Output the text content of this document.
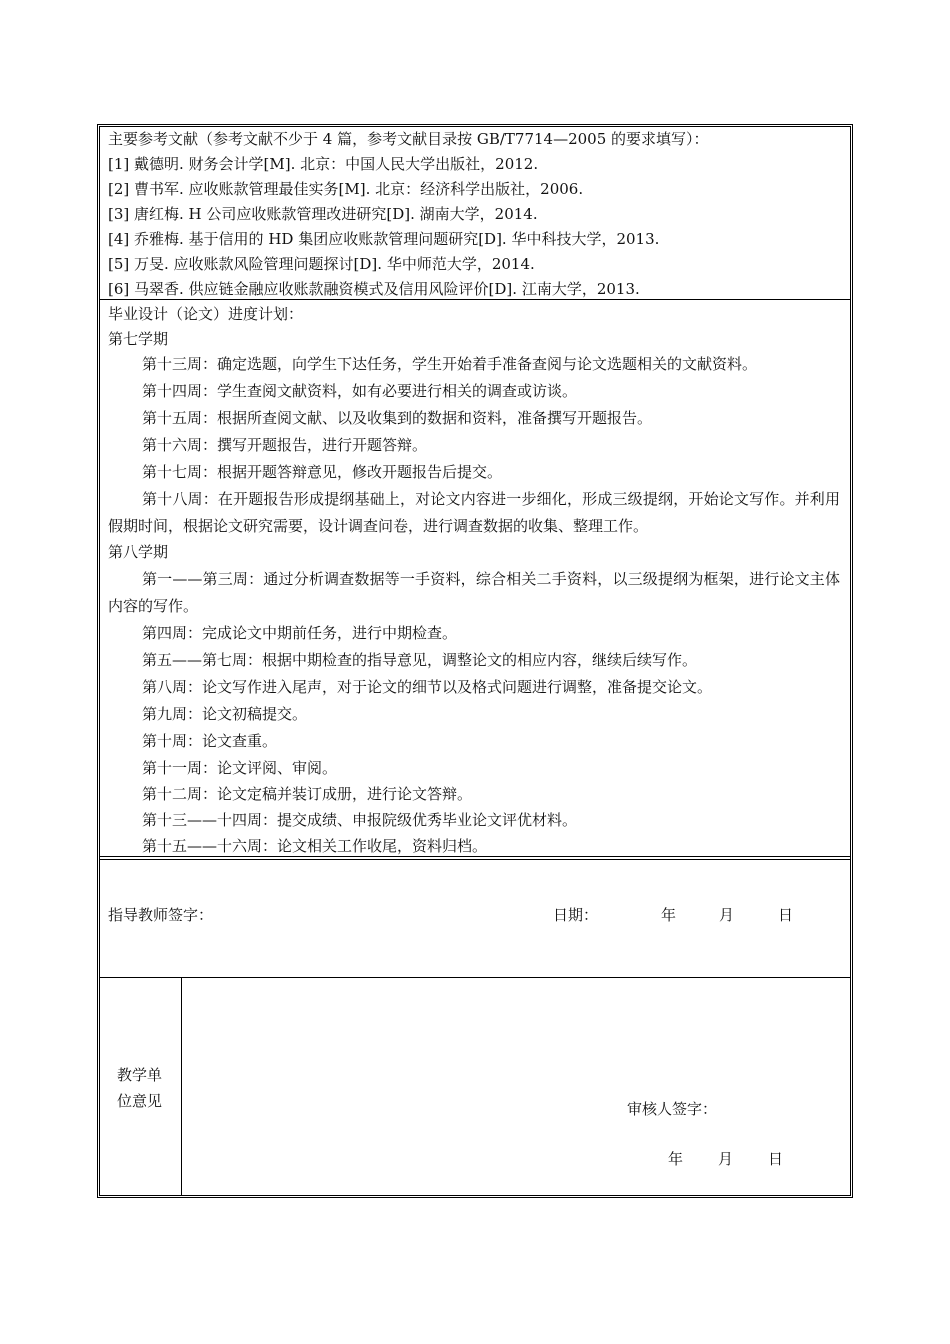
主要参考文献（参考文献不少于 4 篇，参考文献目录按 GB/T7714—2005 的要求填写）：
[1] 戴德明. 财务会计学[M]. 北京：中国人民大学出版社，2012.
[2] 曹书军. 应收账款管理最佳实务[M]. 北京：经济科学出版社，2006.
[3] 唐红梅. H 公司应收账款管理改进研究[D]. 湖南大学，2014.
[4] 乔雅梅. 基于信用的 HD 集团应收账款管理问题研究[D]. 华中科技大学，2013.
[5] 万旻. 应收账款风险管理问题探讨[D]. 华中师范大学，2014.
[6] 马翠香. 供应链金融应收账款融资模式及信用风险评价[D]. 江南大学，2013.
毕业设计（论文）进度计划：
第七学期
第十三周：确定选题，向学生下达任务，学生开始着手准备查阅与论文选题相关的文献资料。
第十四周：学生查阅文献资料，如有必要进行相关的调查或访谈。
第十五周：根据所查阅文献、以及收集到的数据和资料，准备撰写开题报告。
第十六周：撰写开题报告，进行开题答辩。
第十七周：根据开题答辩意见，修改开题报告后提交。
第十八周：在开题报告形成提纲基础上，对论文内容进一步细化，形成三级提纲，开始论文写作。并利用假期时间，根据论文研究需要，设计调查问卷，进行调查数据的收集、整理工作。
第八学期
第一——第三周：通过分析调查数据等一手资料，综合相关二手资料，以三级提纲为框架，进行论文主体内容的写作。
第四周：完成论文中期前任务，进行中期检查。
第五——第七周：根据中期检查的指导意见，调整论文的相应内容，继续后续写作。
第八周：论文写作进入尾声，对于论文的细节以及格式问题进行调整，准备提交论文。
第九周：论文初稿提交。
第十周：论文查重。
第十一周：论文评阅、审阅。
第十二周：论文定稿并装订成册，进行论文答辩。
第十三——十四周：提交成绩、申报院级优秀毕业论文评优材料。
第十五——十六周：论文相关工作收尾，资料归档。
指导教师签字：	日期：	年	月	日
教学单
位意见	审核人签字：
年 月 日
